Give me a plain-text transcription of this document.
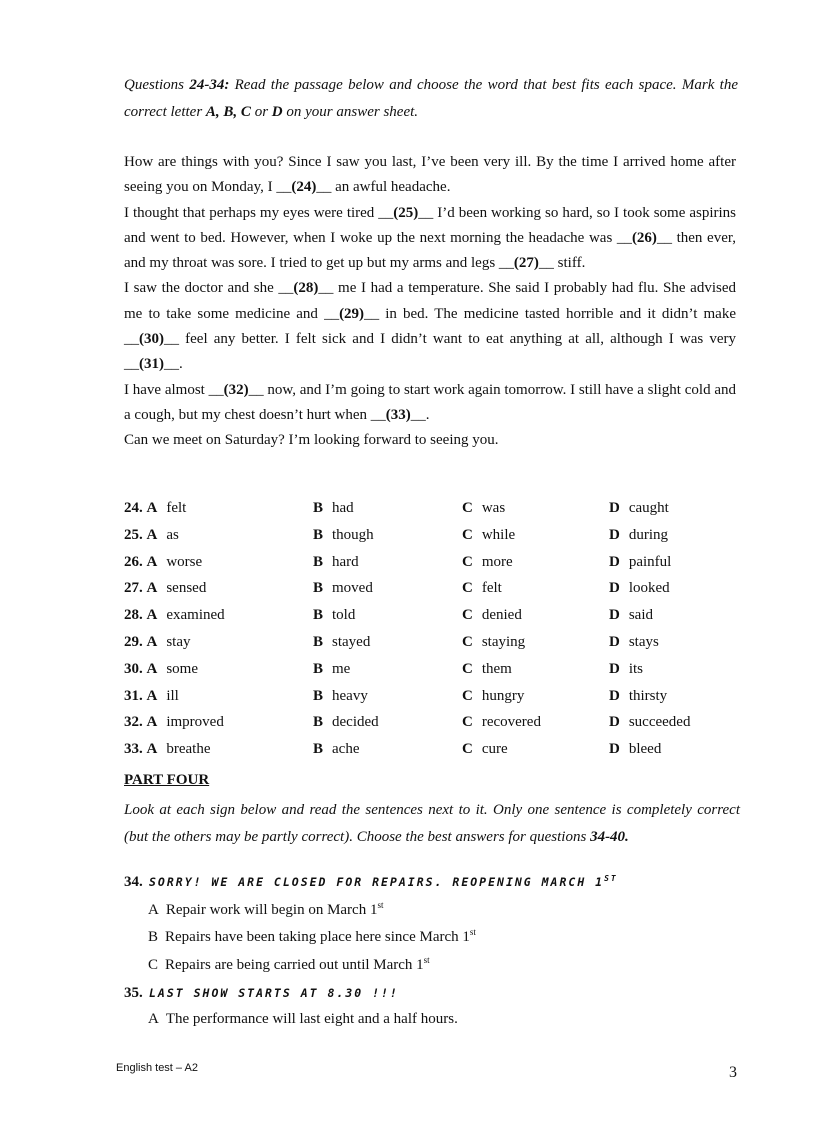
Questions 24-34: Read the passage below and choose the word that best fits each space. Mark the correct letter A, B, C or D on your answer sheet.

How are things with you? Since I saw you last, I’ve been very ill. By the time I arrived home after seeing you on Monday, I __(24)__ an awful headache.

I thought that perhaps my eyes were tired __(25)__ I’d been working so hard, so I took some aspirins and went to bed. However, when I woke up the next morning the headache was __(26)__ then ever, and my throat was sore. I tried to get up but my arms and legs __(27)__ stiff.

I saw the doctor and she __(28)__ me I had a temperature. She said I probably had flu. She advised me to take some medicine and __(29)__ in bed. The medicine tasted horrible and it didn’t make __(30)__ feel any better. I felt sick and I didn’t want to eat anything at all, although I was very __(31)__.

I have almost __(32)__ now, and I’m going to start work again tomorrow. I still have a slight cold and a cough, but my chest doesn’t hurt when __(33)__.

Can we meet on Saturday? I’m looking forward to seeing you.

24. A felt	B had	C was	D caught
25. A as	B though	C while	D during
26. A worse	B hard	C more	D painful
27. A sensed	B moved	C felt	D looked
28. A examined	B told	C denied	D said
29. A stay	B stayed	C staying	D stays
30. A some	B me	C them	D its
31. A ill	B heavy	C hungry	D thirsty
32. A improved	B decided	C recovered	D succeeded
33. A breathe	B ache	C cure	D bleed
PART FOUR
Look at each sign below and read the sentences next to it. Only one sentence is completely correct (but the others may be partly correct). Choose the best answers for questions 34-40.
34. SORRY! WE ARE CLOSED FOR REPAIRS. REOPENING MARCH 1ST
A Repair work will begin on March 1st
B Repairs have been taking place here since March 1st
C Repairs are being carried out until March 1st
35. LAST SHOW STARTS AT 8.30 !!!
A The performance will last eight and a half hours.
English test – A2	3
